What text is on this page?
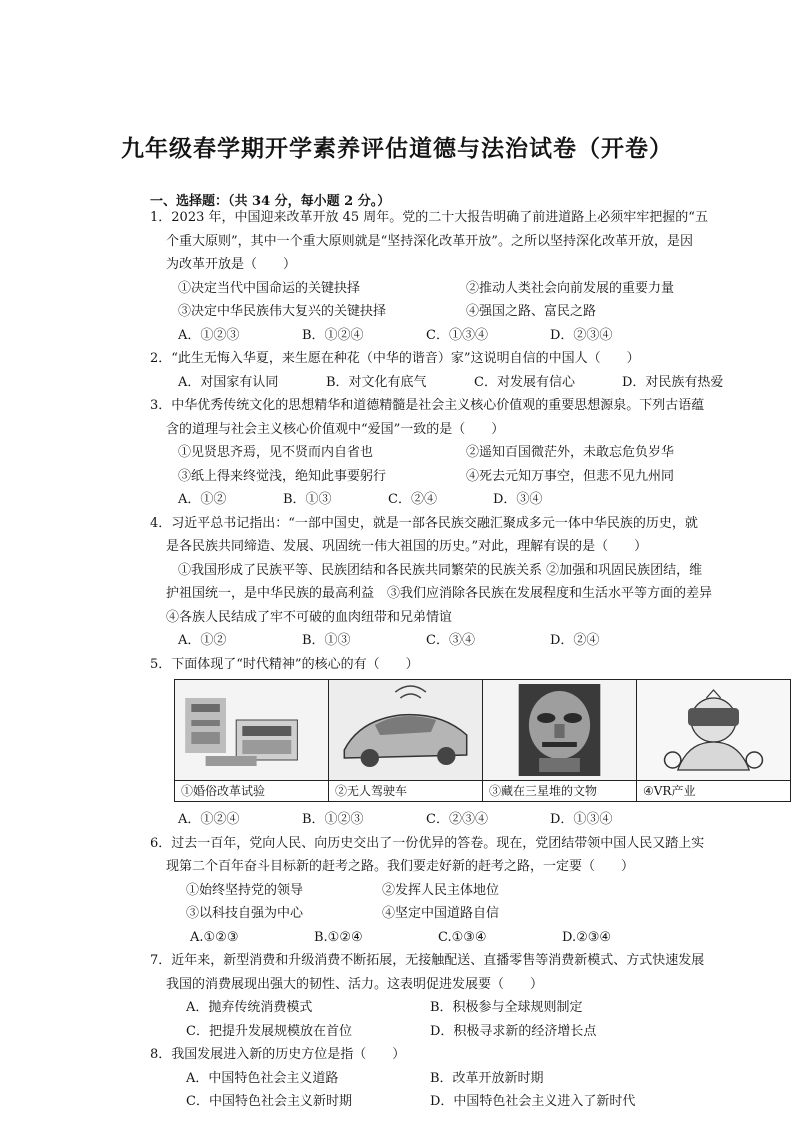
九年级春学期开学素养评估道德与法治试卷（开卷）
一、选择题：（共 34 分，每小题 2 分。）
1．2023 年，中国迎来改革开放 45 周年。党的二十大报告明确了前进道路上必须牢牢把握的“五
个重大原则”，其中一个重大原则就是“坚持深化改革开放”。之所以坚持深化改革开放，是因
为改革开放是（　　）
①决定当代中国命运的关键抉择	②推动人类社会向前发展的重要力量
③决定中华民族伟大复兴的关键抉择	④强国之路、富民之路
A．①②③	B．①②④	C．①③④	D．②③④
2．“此生无悔入华夏，来生愿在种花（中华的谐音）家”这说明自信的中国人（　　）
A．对国家有认同	B．对文化有底气	C．对发展有信心	D．对民族有热爱
3．中华优秀传统文化的思想精华和道德精髓是社会主义核心价值观的重要思想源泉。下列古语蕴
含的道理与社会主义核心价值观中“爱国”一致的是（　　）
①见贤思齐焉，见不贤而内自省也	②遥知百国微茫外，未敢忘危负岁华
③纸上得来终觉浅，绝知此事要躬行	④死去元知万事空，但悲不见九州同
A．①②	B．①③	C．②④	D．③④
4．习近平总书记指出：“一部中国史，就是一部各民族交融汇聚成多元一体中华民族的历史，就
是各民族共同缔造、发展、巩固统一伟大祖国的历史。”对此，理解有误的是（　　）
①我国形成了民族平等、民族团结和各民族共同繁荣的民族关系 ②加强和巩固民族团结，维
护祖国统一，是中华民族的最高利益　③我们应消除各民族在发展程度和生活水平等方面的差异
④各族人民结成了牢不可破的血肉纽带和兄弟情谊
A．①②	B．①③	C．③④	D．②④
5．下面体现了“时代精神”的核心的有（　　）
①婚俗改革试验	②无人驾驶车	③藏在三星堆的文物	④VR产业
A．①②④	B．①②③	C．②③④	D．①③④
6．过去一百年，党向人民、向历史交出了一份优异的答卷。现在，党团结带领中国人民又踏上实
现第二个百年奋斗目标新的赶考之路。我们要走好新的赶考之路，一定要（　　）
①始终坚持党的领导	②发挥人民主体地位
③以科技自强为中心	④坚定中国道路自信
A.①②③	B.①②④	C.①③④	D.②③④
7．近年来，新型消费和升级消费不断拓展，无接触配送、直播零售等消费新模式、方式快速发展
我国的消费展现出强大的韧性、活力。这表明促进发展要（　　）
A．抛弃传统消费模式	B．积极参与全球规则制定
C．把提升发展规模放在首位	D．积极寻求新的经济增长点
8．我国发展进入新的历史方位是指（　　）
A．中国特色社会主义道路	B．改革开放新时期
C．中国特色社会主义新时期	D．中国特色社会主义进入了新时代
